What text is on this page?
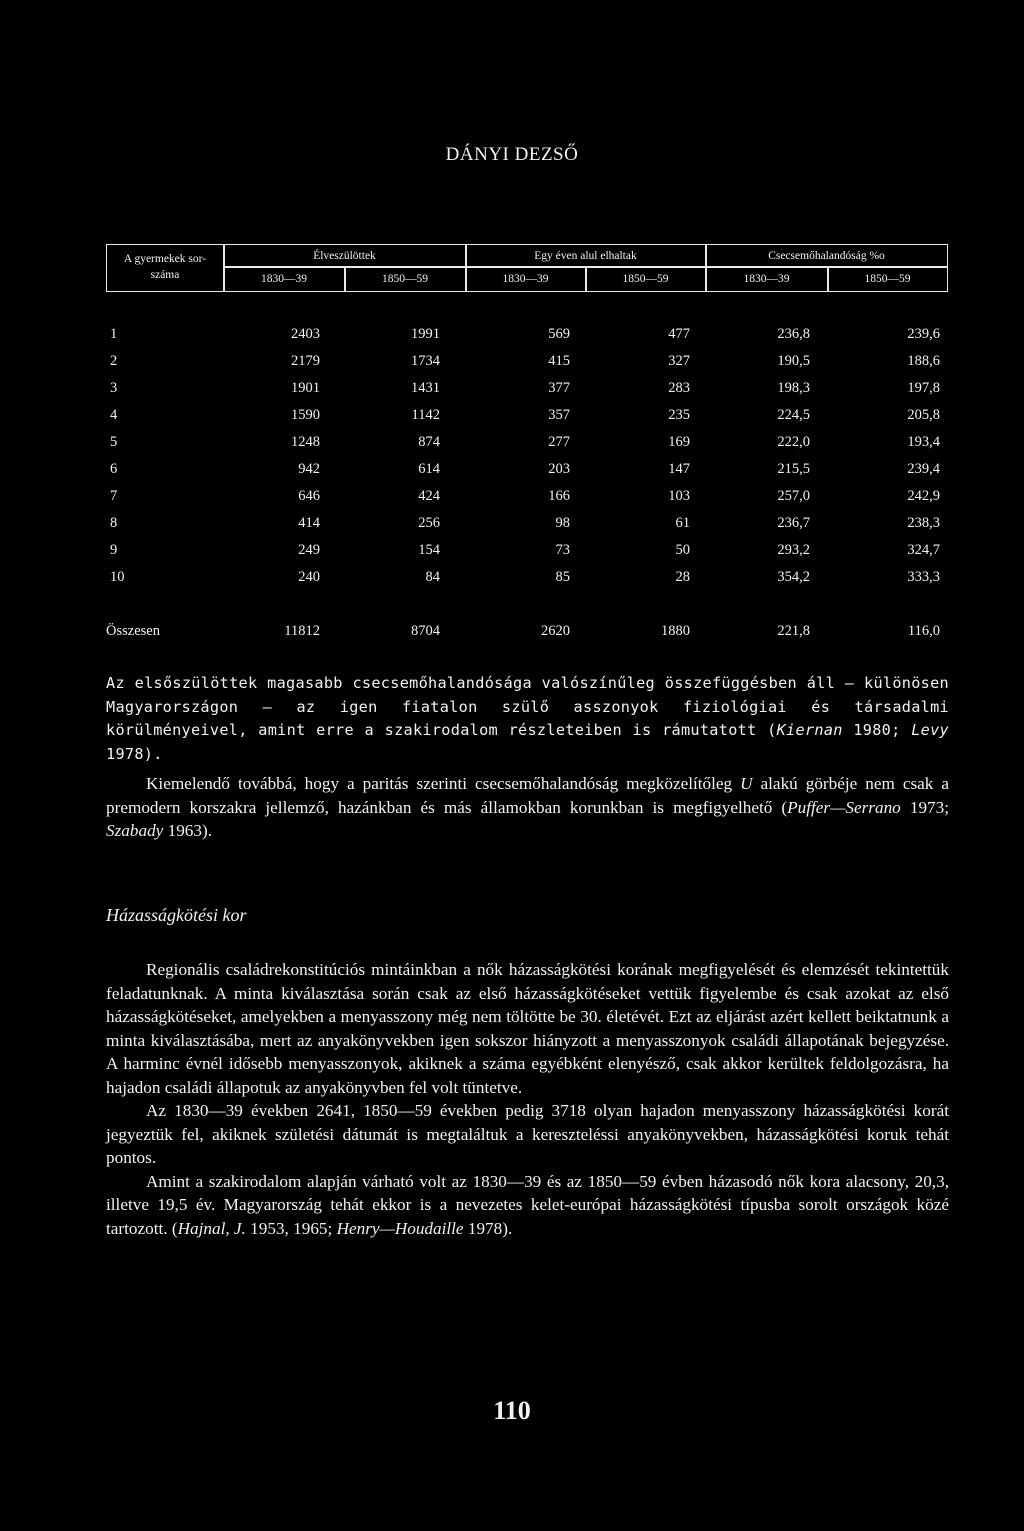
DÁNYI DEZSŐ
A gyermekek sor-
száma
Élveszülöttek	Egy éven alul elhaltak	Csecsemőhalandóság %o
1830—39	1850—59	1830—39	1850—59	1830—39	1850—59
1	2403	1991	569	477	236,8	239,6
2	2179	1734	415	327	190,5	188,6
3	1901	1431	377	283	198,3	197,8
4	1590	1142	357	235	224,5	205,8
5	1248	874	277	169	222,0	193,4
6	942	614	203	147	215,5	239,4
7	646	424	166	103	257,0	242,9
8	414	256	98	61	236,7	238,3
9	249	154	73	50	293,2	324,7
10	240	84	85	28	354,2	333,3
Összesen	11812	8704	2620	1880	221,8	116,0
Az elsőszülöttek magasabb csecsemőhalandósága valószínűleg összefüggésben áll — különösen Magyarországon — az igen fiatalon szülő asszonyok fiziológiai és társadalmi körülményeivel, amint erre a szakirodalom részleteiben is rámutatott (Kiernan 1980; Levy 1978).
Kiemelendő továbbá, hogy a paritás szerinti csecsemőhalandóság megközelítőleg U alakú görbéje nem csak a premodern korszakra jellemző, hazánkban és más államokban korunkban is megfigyelhető (Puffer—Serrano 1973; Szabady 1963).
Házasságkötési kor

Regionális családrekonstitúciós mintáinkban a nők házasságkötési korának megfigyelését és elemzését tekintettük feladatunknak. A minta kiválasztása során csak az első házasságkötéseket vettük figyelembe és csak azokat az első házasságkötéseket, amelyekben a menyasszony még nem töltötte be 30. életévét. Ezt az eljárást azért kellett beiktatnunk a minta kiválasztásába, mert az anyakönyvekben igen sokszor hiányzott a menyasszonyok családi állapotának bejegyzése. A harminc évnél idősebb menyasszonyok, akiknek a száma egyébként elenyésző, csak akkor kerültek feldolgozásra, ha hajadon családi állapotuk az anyakönyvben fel volt tüntetve.

Az 1830—39 években 2641, 1850—59 években pedig 3718 olyan hajadon menyasszony házasságkötési korát jegyeztük fel, akiknek születési dátumát is megtaláltuk a kereszteléssi anyakönyvekben, házasságkötési koruk tehát pontos.

Amint a szakirodalom alapján várható volt az 1830—39 és az 1850—59 évben házasodó nők kora alacsony, 20,3, illetve 19,5 év. Magyarország tehát ekkor is a nevezetes kelet-európai házasságkötési típusba sorolt országok közé tartozott. (Hajnal, J. 1953, 1965; Henry—Houdaille 1978).

110
